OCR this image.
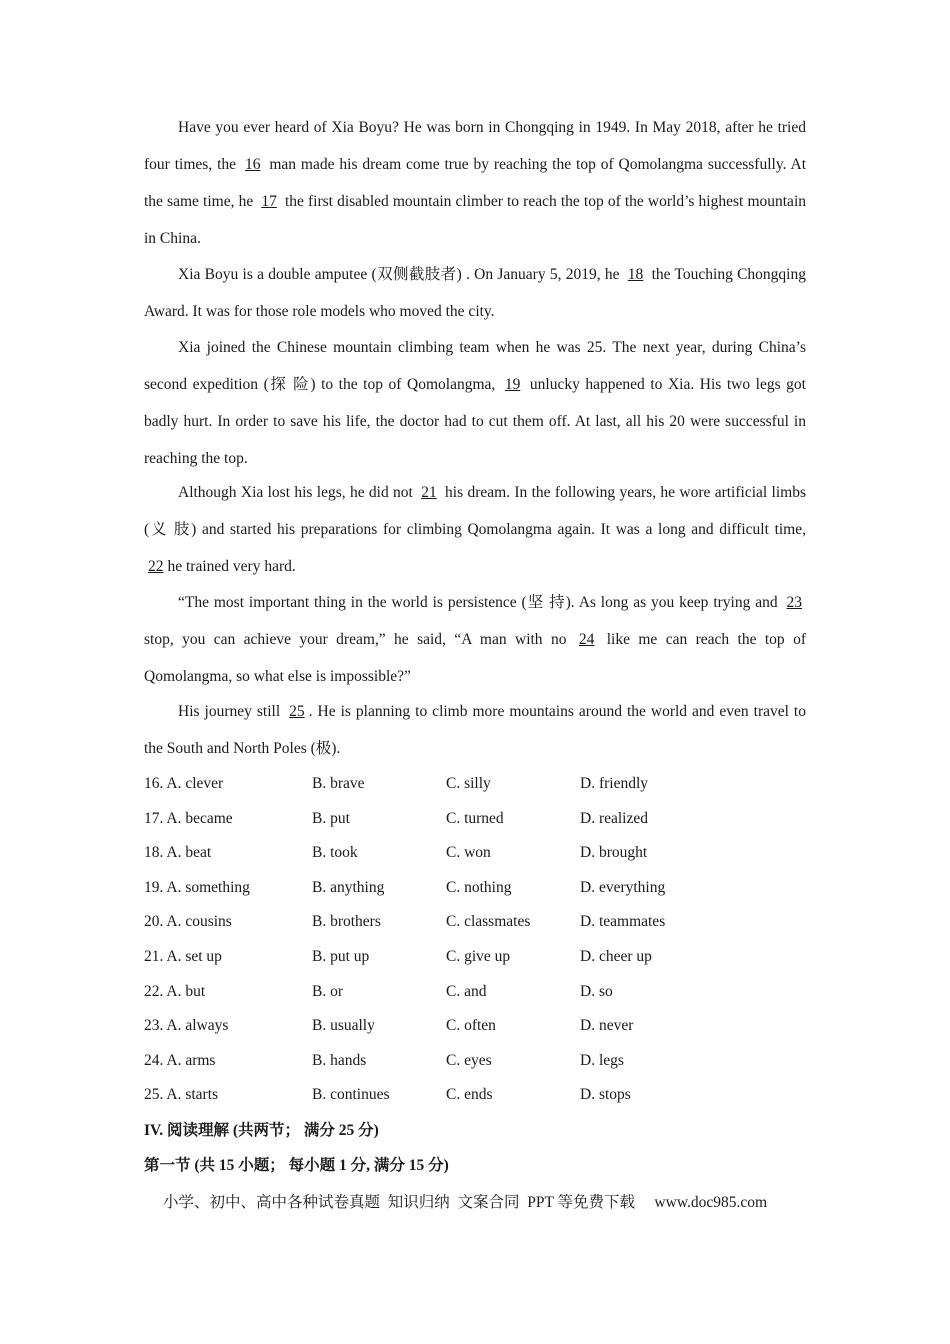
Have you ever heard of Xia Boyu? He was born in Chongqing in 1949. In May 2018, after he tried four times, the 16 man made his dream come true by reaching the top of Qomolangma successfully. At the same time, he 17 the first disabled mountain climber to reach the top of the world’s highest mountain in China.
Xia Boyu is a double amputee (双侧截肢者) . On January 5, 2019, he 18 the Touching Chongqing Award. It was for those role models who moved the city.
Xia joined the Chinese mountain climbing team when he was 25. The next year, during China’s second expedition (探 险) to the top of Qomolangma, 19 unlucky happened to Xia. His two legs got badly hurt. In order to save his life, the doctor had to cut them off. At last, all his 20 were successful in reaching the top.
Although Xia lost his legs, he did not 21 his dream. In the following years, he wore artificial limbs (义 肢) and started his preparations for climbing Qomolangma again. It was a long and difficult time, 22 he trained very hard.
“The most important thing in the world is persistence (坚 持). As long as you keep trying and 23 stop, you can achieve your dream,” he said, “A man with no 24 like me can reach the top of Qomolangma, so what else is impossible?”
His journey still 25 . He is planning to climb more mountains around the world and even travel to the South and North Poles (极).
16. A. clever	B. brave	C. silly	D. friendly
17. A. became	B. put	C. turned	D. realized
18. A. beat	B. took	C. won	D. brought
19. A. something	B. anything	C. nothing	D. everything
20. A. cousins	B. brothers	C. classmates	D. teammates
21. A. set up	B. put up	C. give up	D. cheer up
22. A. but	B. or	C. and	D. so
23. A. always	B. usually	C. often	D. never
24. A. arms	B. hands	C. eyes	D. legs
25. A. starts	B. continues	C. ends	D. stops
IV. 阅读理解 (共两节； 满分 25 分)
第一节 (共 15 小题； 每小题 1 分, 满分 15 分)
小学、初中、高中各种试卷真题  知识归纳  文案合同  PPT 等免费下载     www.doc985.com
